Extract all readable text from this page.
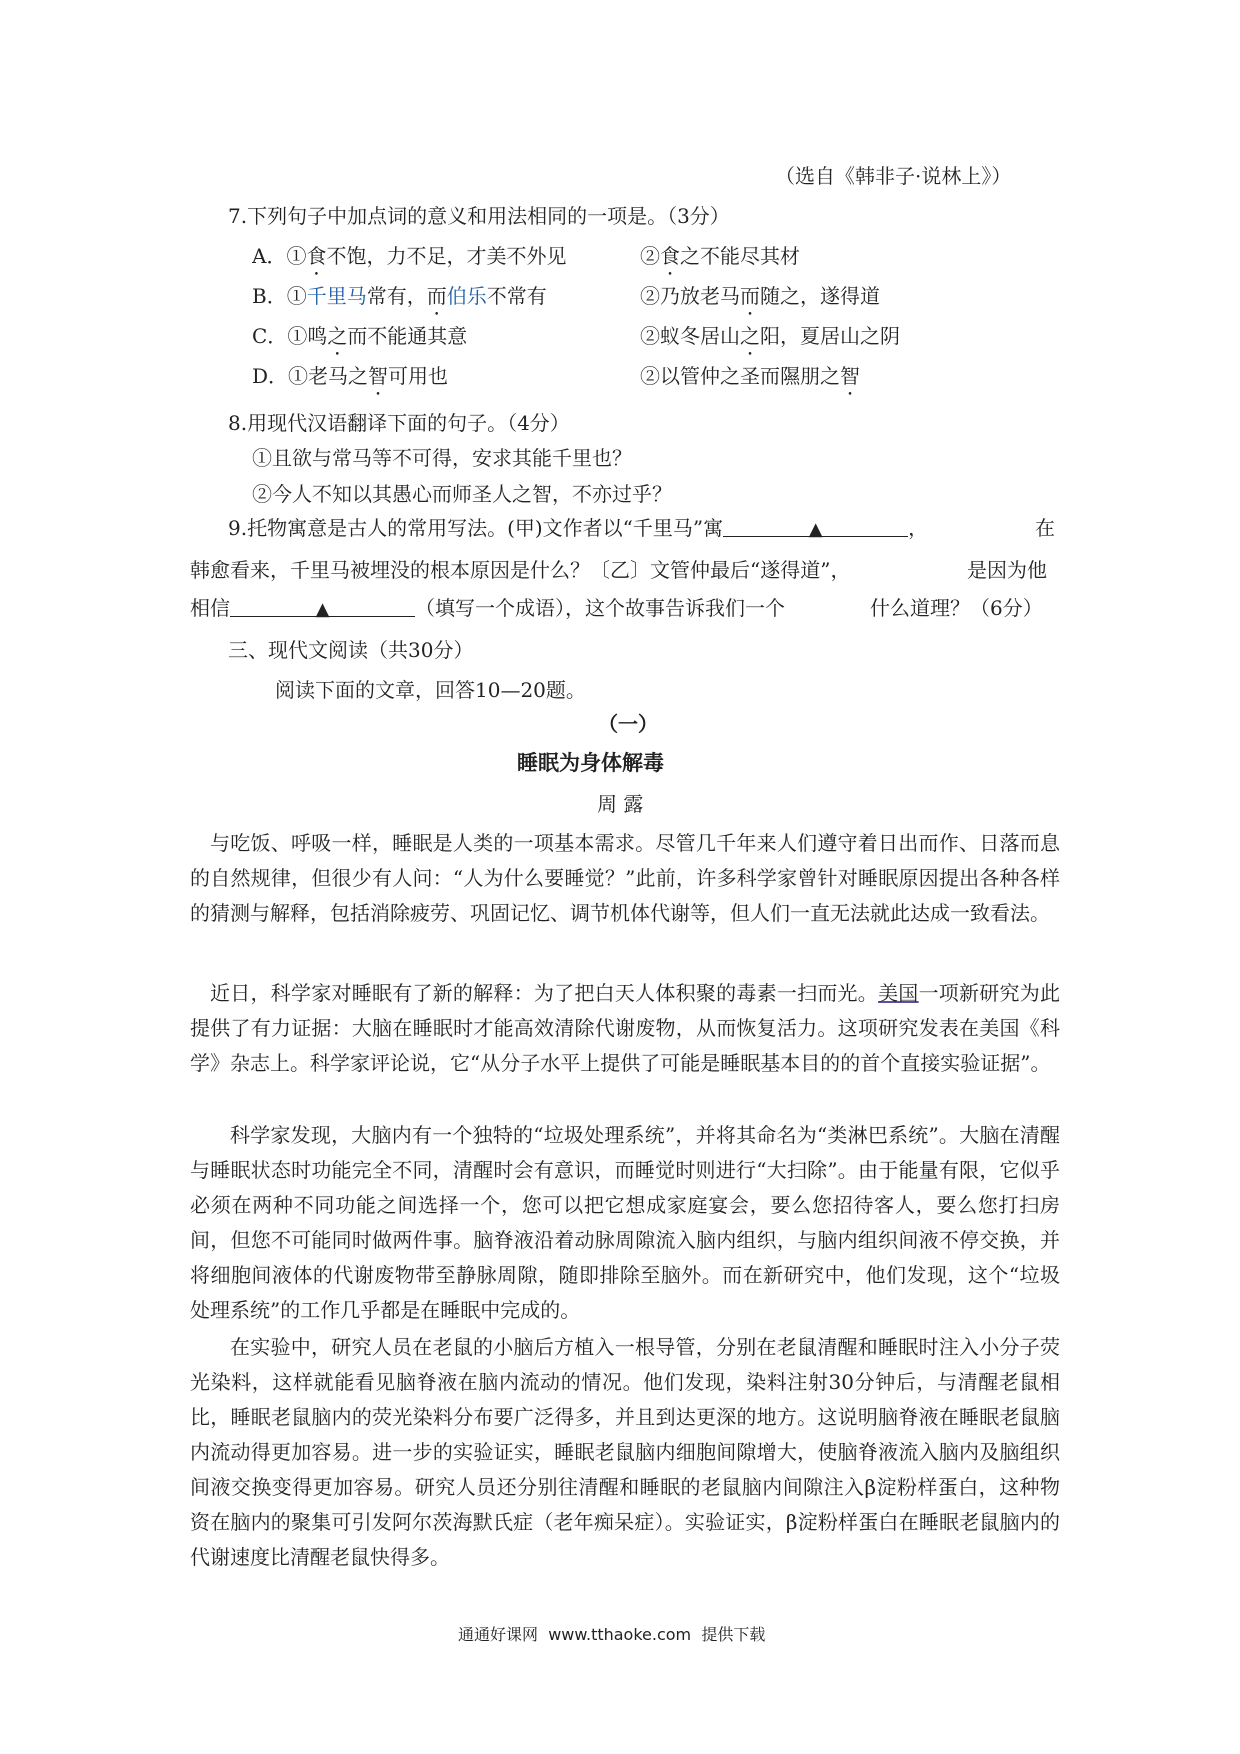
（选自《韩非子·说林上》）
7.下列句子中加点词的意义和用法相同的一项是。（3分）
A．①食不饱，力不足，才美不外见	②食之不能尽其材
B．①千里马常有，而伯乐不常有	②乃放老马而随之，遂得道
C．①鸣之而不能通其意	②蚁冬居山之阳，夏居山之阴
D．①老马之智可用也	②以管仲之圣而隰朋之智
8.用现代汉语翻译下面的句子。（4分）
①且欲与常马等不可得，安求其能千里也？
②今人不知以其愚心而师圣人之智，不亦过乎？
9.托物寓意是古人的常用写法。(甲)文作者以“千里马”寓	▲	，	在
韩愈看来，千里马被埋没的根本原因是什么？〔乙〕文管仲最后“遂得道”，	是因为他
相信	▲	（填写一个成语），这个故事告诉我们一个	什么道理？（6分）
三、现代文阅读（共30分）
阅读下面的文章，回答10—20题。
（一）
睡眠为身体解毒
周 露
与吃饭、呼吸一样，睡眠是人类的一项基本需求。尽管几千年来人们遵守着日出而作、日落而息的自然规律，但很少有人问：“人为什么要睡觉？”此前，许多科学家曾针对睡眠原因提出各种各样的猜测与解释，包括消除疲劳、巩固记忆、调节机体代谢等，但人们一直无法就此达成一致看法。
近日，科学家对睡眠有了新的解释：为了把白天人体积聚的毒素一扫而光。美国一项新研究为此提供了有力证据：大脑在睡眠时才能高效清除代谢废物，从而恢复活力。这项研究发表在美国《科学》杂志上。科学家评论说，它“从分子水平上提供了可能是睡眠基本目的的首个直接实验证据”。
科学家发现，大脑内有一个独特的“垃圾处理系统”，并将其命名为“类淋巴系统”。大脑在清醒与睡眠状态时功能完全不同，清醒时会有意识，而睡觉时则进行“大扫除”。由于能量有限，它似乎必须在两种不同功能之间选择一个，您可以把它想成家庭宴会，要么您招待客人，要么您打扫房间，但您不可能同时做两件事。脑脊液沿着动脉周隙流入脑内组织，与脑内组织间液不停交换，并将细胞间液体的代谢废物带至静脉周隙，随即排除至脑外。而在新研究中，他们发现，这个“垃圾处理系统”的工作几乎都是在睡眠中完成的。
在实验中，研究人员在老鼠的小脑后方植入一根导管，分别在老鼠清醒和睡眠时注入小分子荧光染料，这样就能看见脑脊液在脑内流动的情况。他们发现，染料注射30分钟后，与清醒老鼠相比，睡眠老鼠脑内的荧光染料分布要广泛得多，并且到达更深的地方。这说明脑脊液在睡眠老鼠脑内流动得更加容易。进一步的实验证实，睡眠老鼠脑内细胞间隙增大，使脑脊液流入脑内及脑组织间液交换变得更加容易。研究人员还分别往清醒和睡眠的老鼠脑内间隙注入β淀粉样蛋白，这种物资在脑内的聚集可引发阿尔茨海默氏症（老年痴呆症）。实验证实，β淀粉样蛋白在睡眠老鼠脑内的代谢速度比清醒老鼠快得多。
通通好课网 www.tthaoke.com 提供下载
